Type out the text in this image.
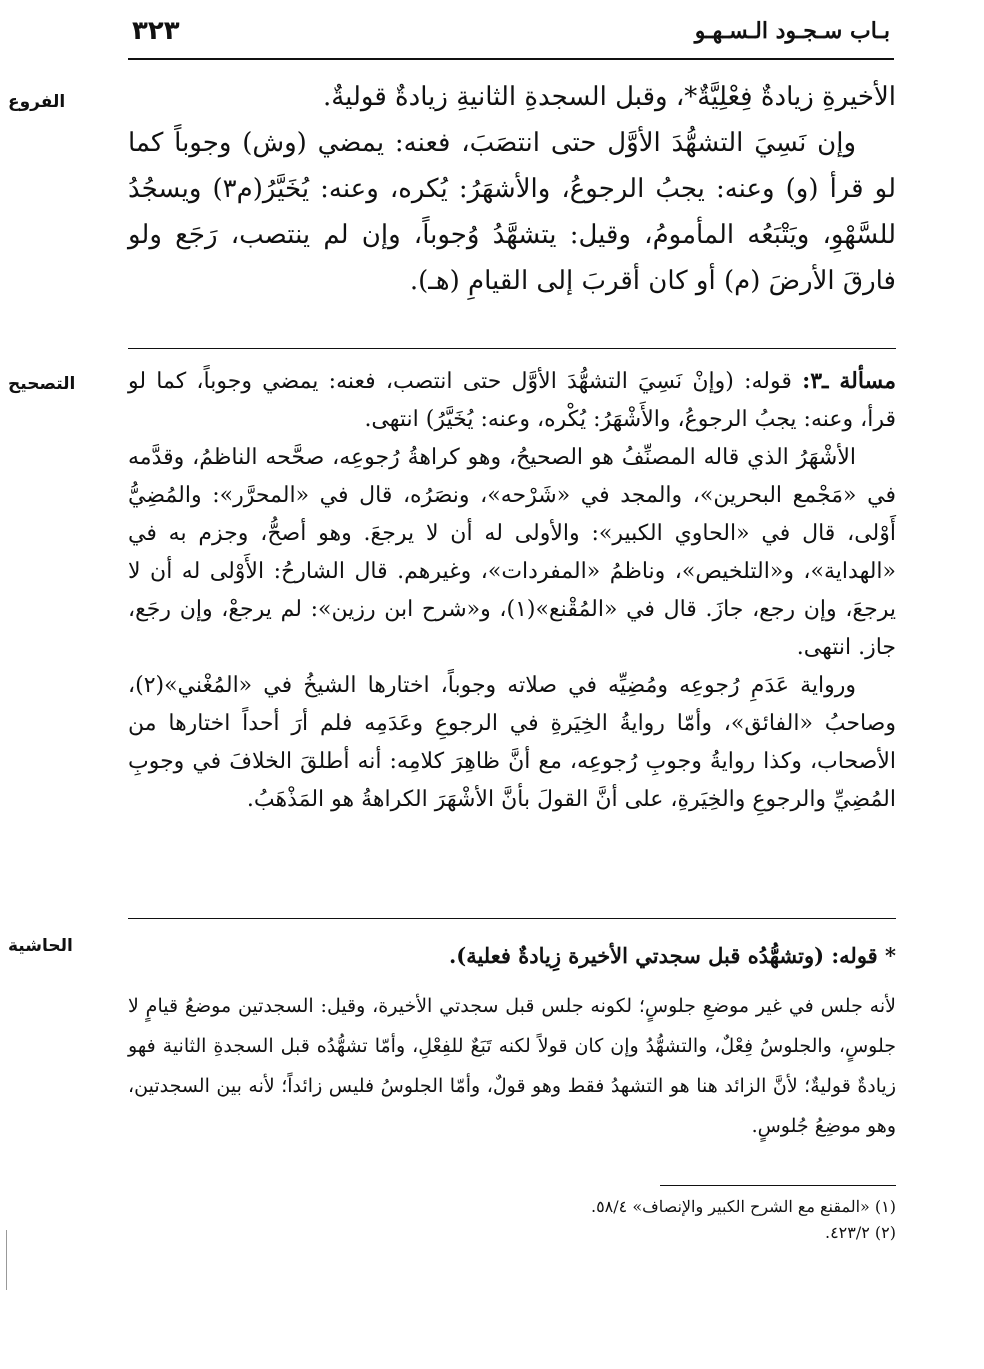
بـاب سـجـود الـسـهـو
٣٢٣
الفروع
التصحيح
الحاشية

الأخيرةِ زيادةٌ فِعْلِيَّةٌ*، وقبل السجدةِ الثانيةِ زيادةٌ قوليةٌ.

وإن نَسِيَ التشهُّدَ الأوَّل حتى انتصَبَ، فعنه: يمضي (وش) وجوباً كما لو قرأ (و) وعنه: يجبُ الرجوعُ، والأشهَرُ: يُكره، وعنه: يُخَيَّرُ(م٣) ويسجُدُ للسَّهْوِ، ويَتْبَعُه المأمومُ، وقيل: يتشهَّدُ وُجوباً، وإن لم ينتصب، رَجَع ولو فارقَ الأرضَ (م) أو كان أقربَ إلى القيامِ (هـ).

مسألة ـ٣: قوله: (وإنْ نَسِيَ التشهُّدَ الأوَّل حتى انتصب، فعنه: يمضي وجوباً، كما لو قرأ، وعنه: يجبُ الرجوعُ، والأَشْهَرُ: يُكْره، وعنه: يُخَيَّرُ) انتهى.

الأشْهَرُ الذي قاله المصنِّفُ هو الصحيحُ، وهو كراهةُ رُجوعِه، صحَّحه الناظمُ، وقدَّمه في «مَجْمع البحرين»، والمجد في «شَرْحه»، ونصَرُه، قال في «المحرَّر»: والمُضِيُّ أَوْلى، قال في «الحاوي الكبير»: والأولى له أن لا يرجعَ. وهو أصحُّ، وجزم به في «الهداية»، و«التلخيص»، وناظمُ «المفردات»، وغيرهم. قال الشارحُ: الأَوْلى له أن لا يرجعَ، وإن رجع، جازَ. قال في «المُقْنع»(١)، و«شرح ابن رزين»: لم يرجعْ، وإن رجَع، جاز. انتهى.

ورواية عَدَمِ رُجوعِه ومُضِيِّه في صلاته وجوباً، اختارها الشيخُ في «المُغْني»(٢)، وصاحبُ «الفائق»، وأمّا روايةُ الخِيَرةِ في الرجوعِ وعَدَمِه فلم أرَ أحداً اختارها من الأصحاب، وكذا روايةُ وجوبِ رُجوعِه، مع أنَّ ظاهِرَ كلامِه: أنه أطلقَ الخلافَ في وجوبِ المُضِيِّ والرجوعِ والخِيَرةِ، على أنَّ القولَ بأنَّ الأشْهَرَ الكراهةُ هو المَذْهَبُ.

* قوله: (وتشهُّدُه قبل سجدتي الأخيرة زِيادةٌ فعلية).

لأنه جلس في غير موضعِ جلوسٍ؛ لكونه جلس قبل سجدتي الأخيرة، وقيل: السجدتين موضعُ قيامٍ لا جلوسٍ، والجلوسُ فِعْلٌ، والتشهُّدُ وإن كان قولاً لكنه تَبَعٌ للفِعْلِ، وأمّا تشهُّدُه قبل السجدةِ الثانية فهو زيادةٌ قوليةٌ؛ لأنَّ الزائد هنا هو التشهدُ فقط وهو قولٌ، وأمّا الجلوسُ فليس زائداً؛ لأنه بين السجدتين، وهو موضِعُ جُلوسٍ.

(١) «المقنع مع الشرح الكبير والإنصاف» ٥٨/٤.

(٢) ٤٢٣/٢.
